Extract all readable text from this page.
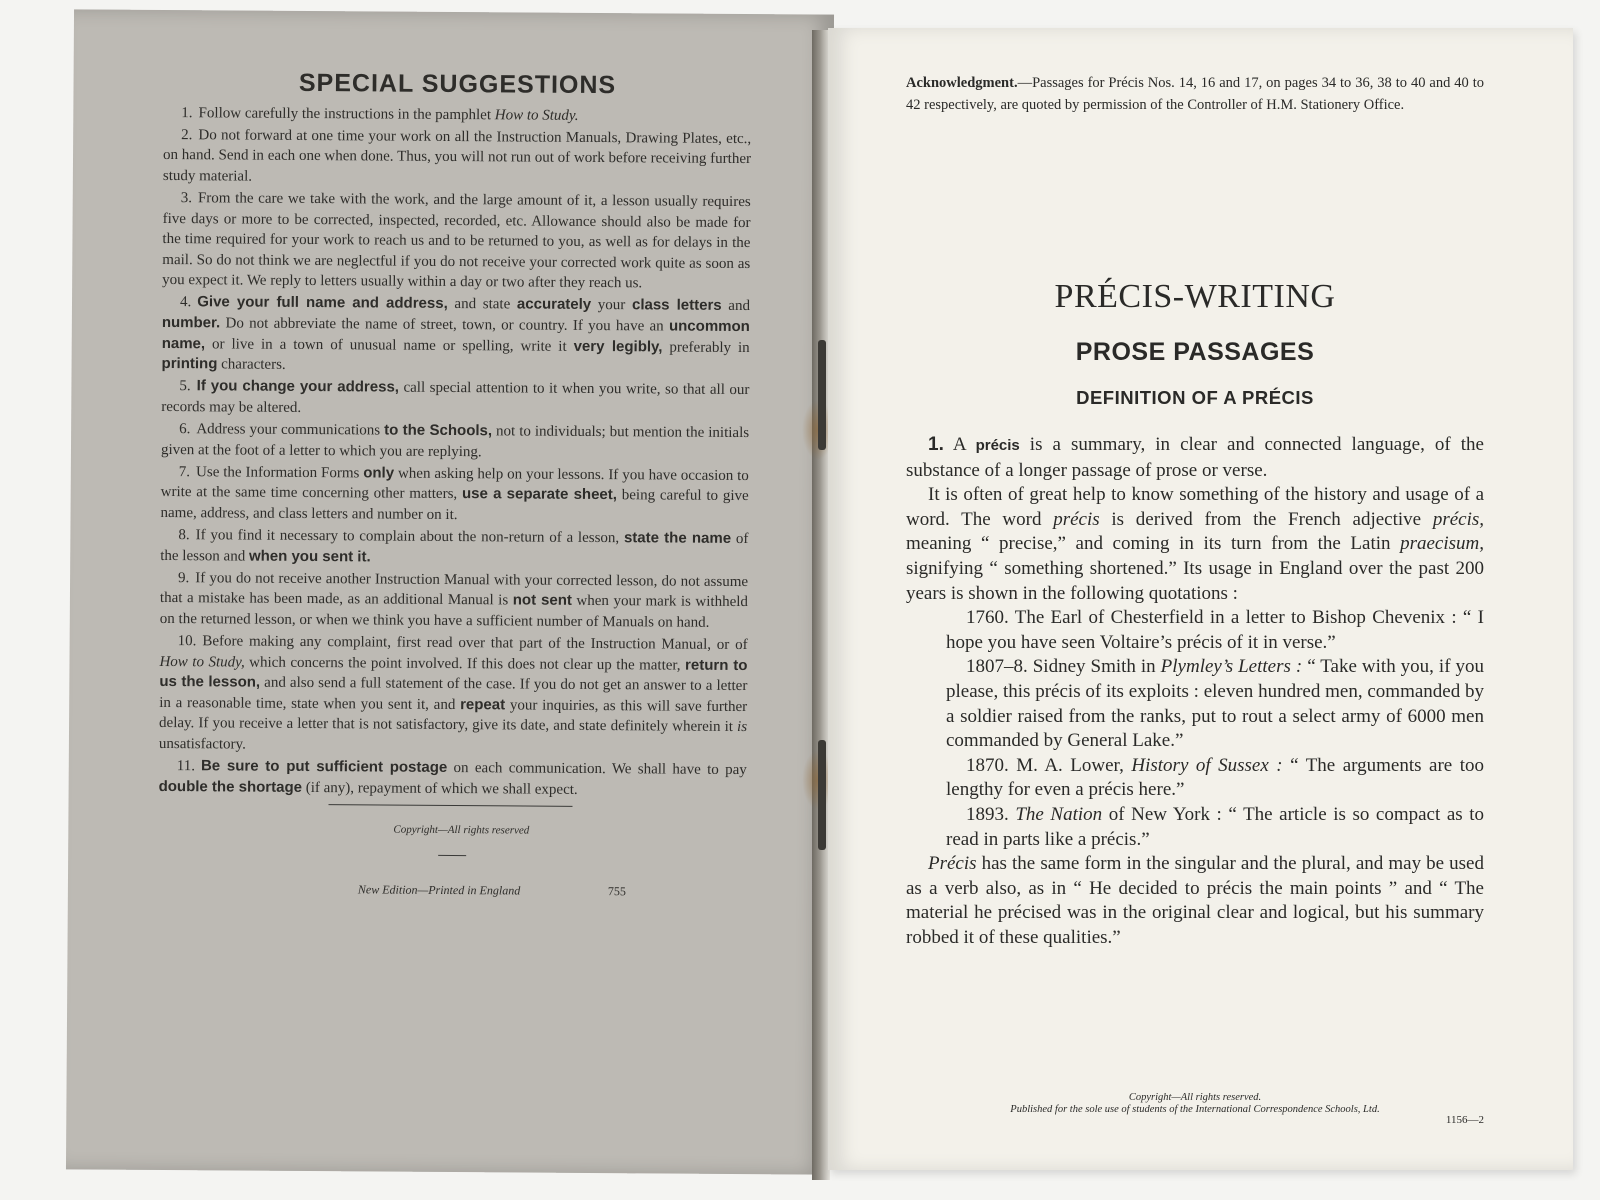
SPECIAL SUGGESTIONS

1. Follow carefully the instructions in the pamphlet How to Study.

2. Do not forward at one time your work on all the Instruction Manuals, Drawing Plates, etc., on hand. Send in each one when done. Thus, you will not run out of work before receiving further study material.

3. From the care we take with the work, and the large amount of it, a lesson usually requires five days or more to be corrected, inspected, recorded, etc. Allowance should also be made for the time required for your work to reach us and to be returned to you, as well as for delays in the mail. So do not think we are neglectful if you do not receive your corrected work quite as soon as you expect it. We reply to letters usually within a day or two after they reach us.

4. Give your full name and address, and state accurately your class letters and number. Do not abbreviate the name of street, town, or country. If you have an uncommon name, or live in a town of unusual name or spelling, write it very legibly, preferably in printing characters.

5. If you change your address, call special attention to it when you write, so that all our records may be altered.

6. Address your communications to the Schools, not to individuals; but mention the initials given at the foot of a letter to which you are replying.

7. Use the Information Forms only when asking help on your lessons. If you have occasion to write at the same time concerning other matters, use a separate sheet, being careful to give name, address, and class letters and number on it.

8. If you find it necessary to complain about the non-return of a lesson, state the name of the lesson and when you sent it.

9. If you do not receive another Instruction Manual with your corrected lesson, do not assume that a mistake has been made, as an additional Manual is not sent when your mark is withheld on the returned lesson, or when we think you have a sufficient number of Manuals on hand.

10. Before making any complaint, first read over that part of the Instruction Manual, or of How to Study, which concerns the point involved. If this does not clear up the matter, return to us the lesson, and also send a full statement of the case. If you do not get an answer to a letter in a reasonable time, state when you sent it, and repeat your inquiries, as this will save further delay. If you receive a letter that is not satisfactory, give its date, and state definitely wherein it is unsatisfactory.

11. Be sure to put sufficient postage on each communication. We shall have to pay double the shortage (if any), repayment of which we shall expect.

Copyright—All rights reserved

New Edition—Printed in England	755

Acknowledgment.—Passages for Précis Nos. 14, 16 and 17, on pages 34 to 36, 38 to 40 and 40 to 42 respectively, are quoted by permission of the Controller of H.M. Stationery Office.

PRÉCIS-WRITING
PROSE PASSAGES
DEFINITION OF A PRÉCIS

1. A précis is a summary, in clear and connected language, of the substance of a longer passage of prose or verse.

It is often of great help to know something of the history and usage of a word. The word précis is derived from the French adjective précis, meaning “ precise,” and coming in its turn from the Latin praecisum, signifying “ something shortened.” Its usage in England over the past 200 years is shown in the following quotations :

1760. The Earl of Chesterfield in a letter to Bishop Chevenix : “ I hope you have seen Voltaire’s précis of it in verse.”

1807–8. Sidney Smith in Plymley’s Letters : “ Take with you, if you please, this précis of its exploits : eleven hundred men, commanded by a soldier raised from the ranks, put to rout a select army of 6000 men commanded by General Lake.”

1870. M. A. Lower, History of Sussex : “ The arguments are too lengthy for even a précis here.”

1893. The Nation of New York : “ The article is so compact as to read in parts like a précis.”

Précis has the same form in the singular and the plural, and may be used as a verb also, as in “ He decided to précis the main points ” and “ The material he précised was in the original clear and logical, but his summary robbed it of these qualities.”

Copyright—All rights reserved.
Published for the sole use of students of the International Correspondence Schools, Ltd.
1156—2
